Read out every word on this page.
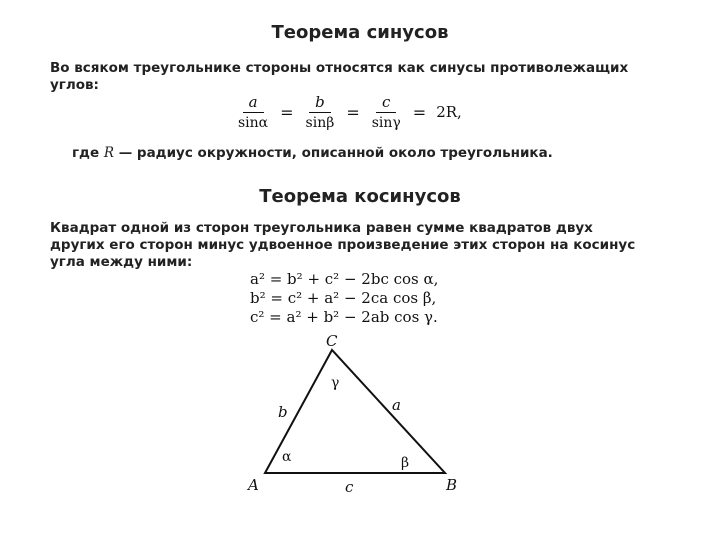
Теорема синусов

Во всяком треугольнике стороны относятся как синусы противолежащих углов:

$\frac{a}{\sin\alpha} = \frac{b}{\sin\beta} = \frac{c}{\sin\gamma} = 2R$,

где R — радиус окружности, описанной около треугольника.

Теорема косинусов

Квадрат одной из сторон треугольника равен сумме квадратов двух других его сторон минус удвоенное произведение этих сторон на косинус угла между ними:

a² = b² + c² − 2bc cos α,
b² = c² + a² − 2ca cos β,
c² = a² + b² − 2ab cos γ.
C
A	B
a
b
c
γ
α	β
